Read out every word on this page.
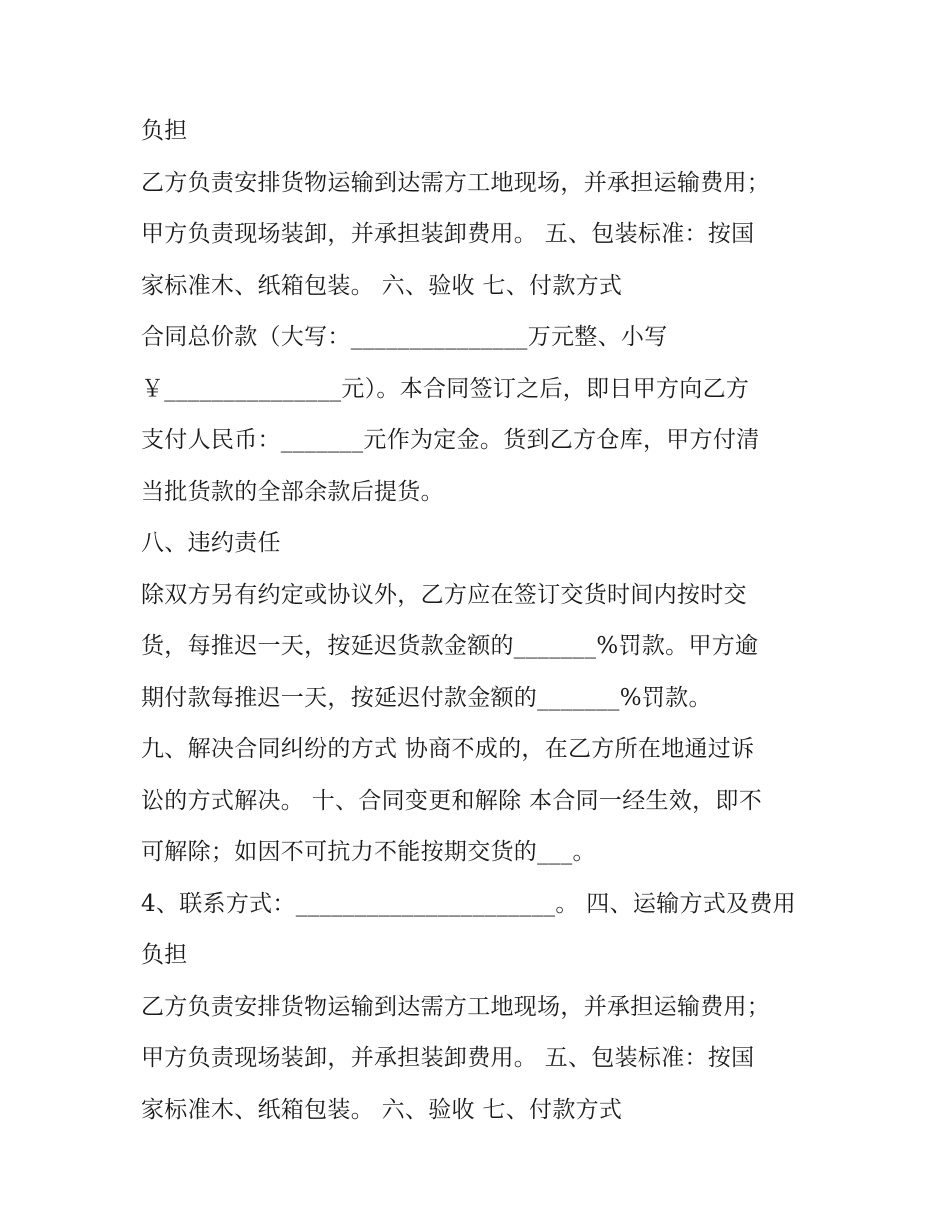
负担
乙方负责安排货物运输到达需方工地现场，并承担运输费用；
甲方负责现场装卸，并承担装卸费用。 五、包装标准：按国
家标准木、纸箱包装。 六、验收 七、付款方式
合同总价款（大写：_______________万元整、小写
￥_______________元）。本合同签订之后，即日甲方向乙方
支付人民币：_______元作为定金。货到乙方仓库，甲方付清
当批货款的全部余款后提货。
八、违约责任
除双方另有约定或协议外，乙方应在签订交货时间内按时交
货，每推迟一天，按延迟货款金额的_______%罚款。甲方逾
期付款每推迟一天，按延迟付款金额的_______%罚款。
九、解决合同纠纷的方式 协商不成的，在乙方所在地通过诉
讼的方式解决。 十、合同变更和解除 本合同一经生效，即不
可解除；如因不可抗力不能按期交货的___。
4、联系方式：______________________。 四、运输方式及费用
负担
乙方负责安排货物运输到达需方工地现场，并承担运输费用；
甲方负责现场装卸，并承担装卸费用。 五、包装标准：按国
家标准木、纸箱包装。 六、验收 七、付款方式
